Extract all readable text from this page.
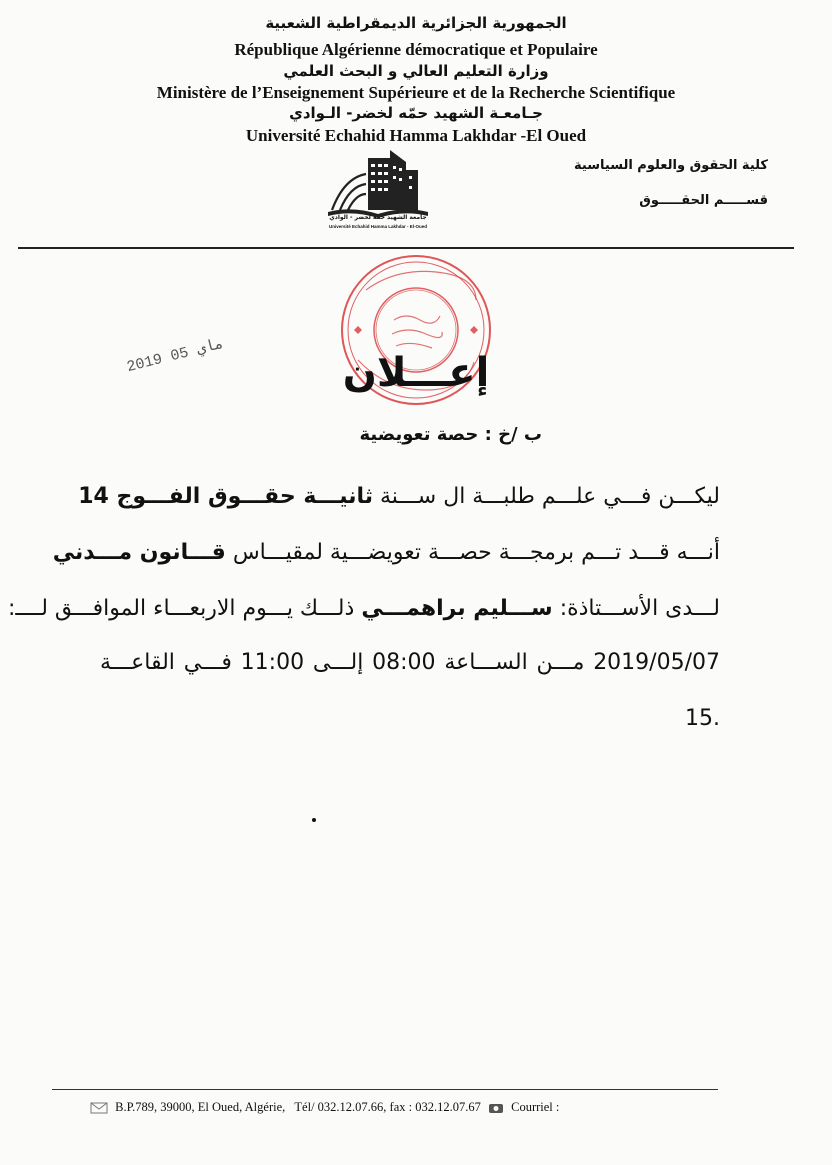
الجمهورية الجزائرية الديمقراطية الشعبية
République Algérienne démocratique et Populaire
وزارة التعليم العالي و البحث العلمي
Ministère de l’Enseignement Supérieure et de la Recherche Scientifique
جـامعـة الشهيد حمّه لخضر- الـوادي
Université Echahid Hamma Lakhdar -El Oued
كلية الحقوق والعلوم السياسية
قســـــم الحقـــــوق
جامعة الشهيد حمه لخضر - الوادي
Université Echahid Hamma Lakhdar - El-Oued
2019 ماي 05
إعـــلان
ب /خ : حصة تعويضية
ليكـــن فـــي علـــم طلبـــة ال ســـنة ثانيـــة حقـــوق الفـــوج 14
أنـــه قـــد تـــم برمجـــة حصـــة تعويضـــية لمقيـــاس قـــانون مـــدني
لـــدى الأســـتاذة: ســـليم براهمـــي ذلـــك يـــوم الاربعـــاء الموافـــق لــــ:
2019/05/07 مـــن الســـاعة 08:00 إلـــى 11:00 فـــي القاعـــة
.15
B.P.789, 39000, El Oued, Algérie, Tél/ 032.12.07.66, fax : 032.12.07.67 Courriel :
